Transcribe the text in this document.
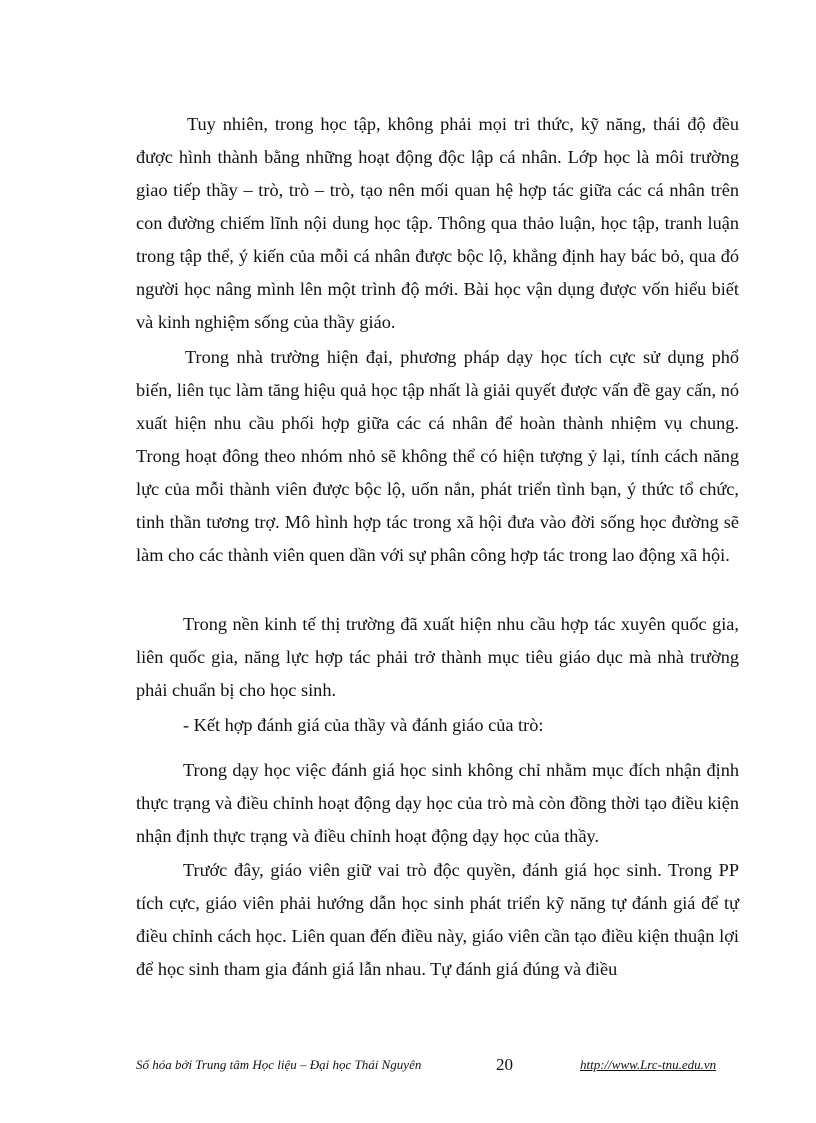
Tuy nhiên, trong học tập, không phải mọi tri thức, kỹ năng, thái độ đều được hình thành bằng những hoạt động độc lập cá nhân. Lớp học là môi trường giao tiếp thầy – trò, trò – trò, tạo nên mối quan hệ hợp tác giữa các cá nhân trên con đường chiếm lĩnh nội dung học tập. Thông qua thảo luận, học tập, tranh luận trong tập thể, ý kiến của mỗi cá nhân được bộc lộ, khẳng định hay bác bỏ, qua đó người học nâng mình lên một trình độ mới. Bài học vận dụng được vốn hiểu biết và kinh nghiệm sống của thầy giáo.

Trong nhà trường hiện đại, phương pháp dạy học tích cực sử dụng phổ biến, liên tục làm tăng hiệu quả học tập nhất là giải quyết được vấn đề gay cấn, nó xuất hiện nhu cầu phối hợp giữa các cá nhân để hoàn thành nhiệm vụ chung. Trong hoạt đông theo nhóm nhỏ sẽ không thể có hiện tượng ỷ lại, tính cách năng lực của mỗi thành viên được bộc lộ, uốn nắn, phát triển tình bạn, ý thức tổ chức, tinh thần tương trợ. Mô hình hợp tác trong xã hội đưa vào đời sống học đường sẽ làm cho các thành viên quen dần với sự phân công hợp tác trong lao động xã hội.

Trong nền kinh tế thị trường đã xuất hiện nhu cầu hợp tác xuyên quốc gia, liên quốc gia, năng lực hợp tác phải trở thành mục tiêu giáo dục mà nhà trường phải chuẩn bị cho học sinh.

- Kết hợp đánh giá của thầy và đánh giáo của trò:

Trong dạy học việc đánh giá học sinh không chỉ nhằm mục đích nhận định thực trạng và điều chỉnh hoạt động dạy học của trò mà còn đồng thời tạo điều kiện nhận định thực trạng và điều chỉnh hoạt động dạy học của thầy.

Trước đây, giáo viên giữ vai trò độc quyền, đánh giá học sinh. Trong PP tích cực, giáo viên phải hướng dẫn học sinh phát triển kỹ năng tự đánh giá để tự điều chỉnh cách học. Liên quan đến điều này, giáo viên cần tạo điều kiện thuận lợi để học sinh tham gia đánh giá lẫn nhau. Tự đánh giá đúng và điều

Số hóa bởi Trung tâm Học liệu – Đại học Thái Nguyên	20	http://www.Lrc-tnu.edu.vn
